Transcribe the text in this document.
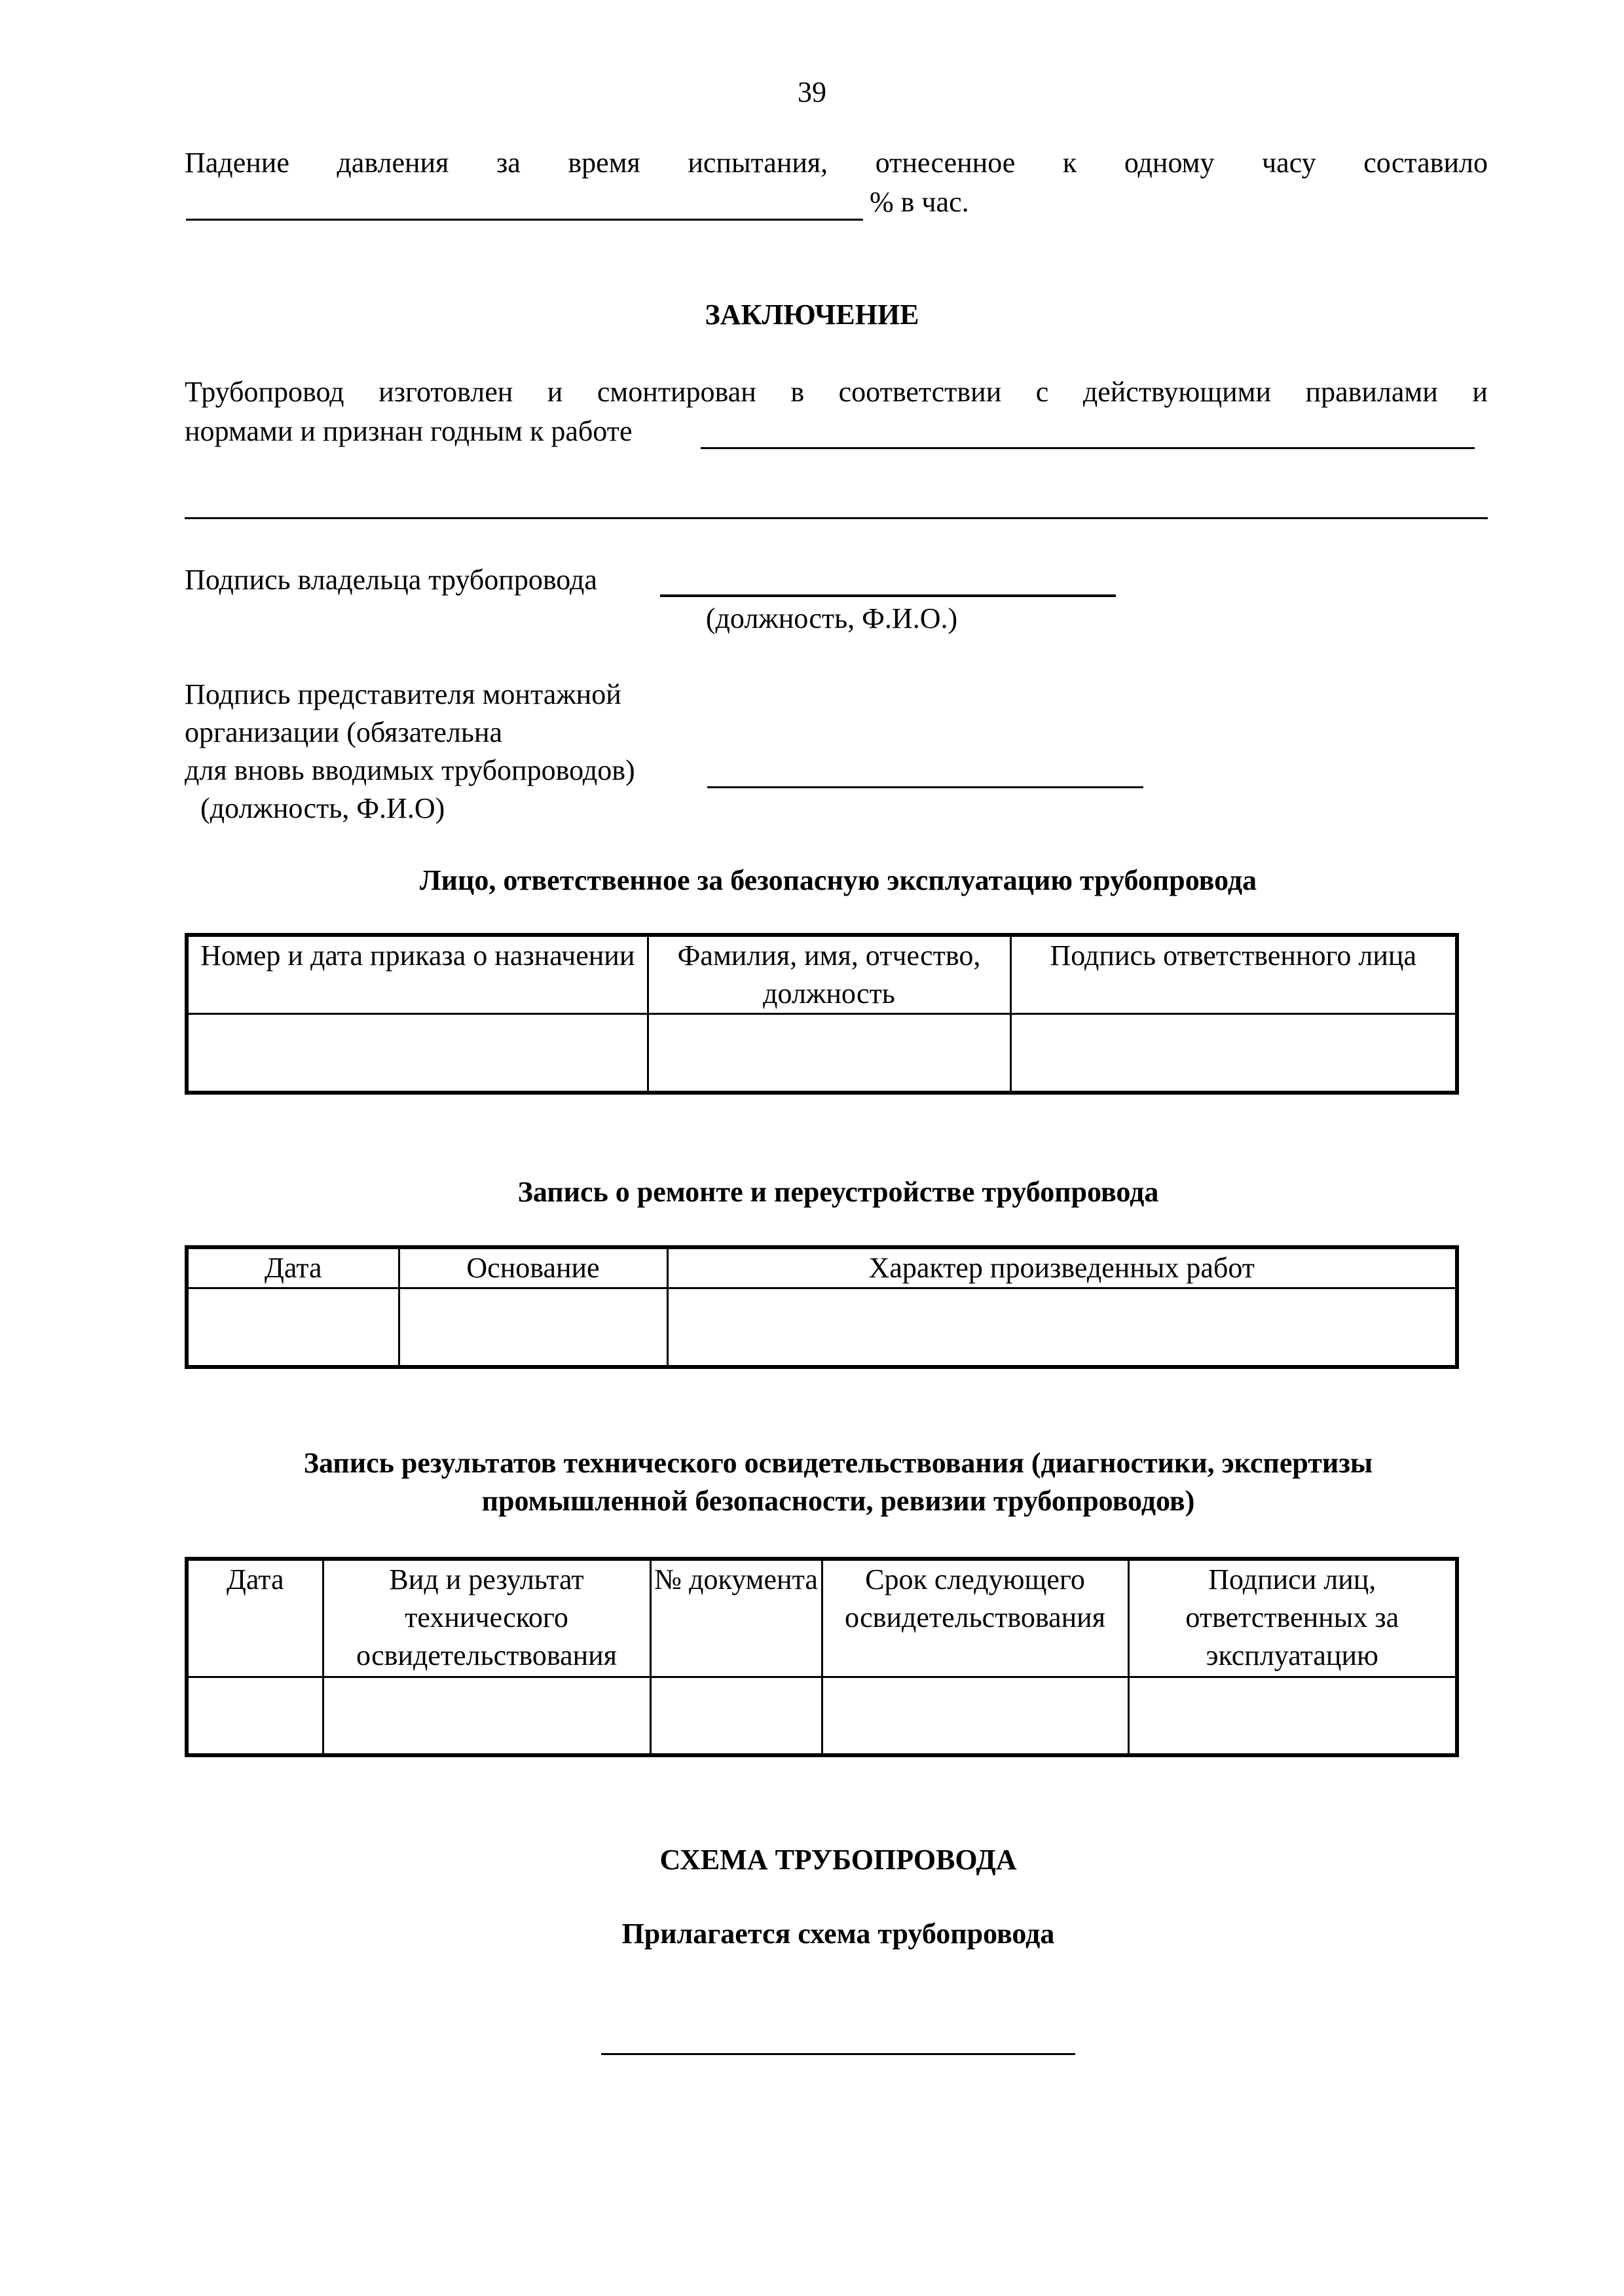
39
Падение давления за время испытания, отнесенное к одному часу составило
% в час.
ЗАКЛЮЧЕНИЕ
Трубопровод изготовлен и смонтирован в соответствии с действующими правилами и
нормами и признан годным к работе
Подпись владельца трубопровода
(должность, Ф.И.О.)
Подпись представителя монтажной
организации (обязательна
для вновь вводимых трубопроводов)
(должность, Ф.И.О)
Лицо, ответственное за безопасную эксплуатацию трубопровода
Номер и дата приказа о назначении	Фамилия, имя, отчество, должность	Подпись ответственного лица

Запись о ремонте и переустройстве трубопровода
Дата	Основание	Характер произведенных работ

Запись результатов технического освидетельствования (диагностики, экспертизы
промышленной безопасности, ревизии трубопроводов)
Дата	Вид и результат технического освидетельствования	№ документа	Срок следующего освидетельствования	Подписи лиц, ответственных за эксплуатацию

СХЕМА ТРУБОПРОВОДА
Прилагается схема трубопровода
